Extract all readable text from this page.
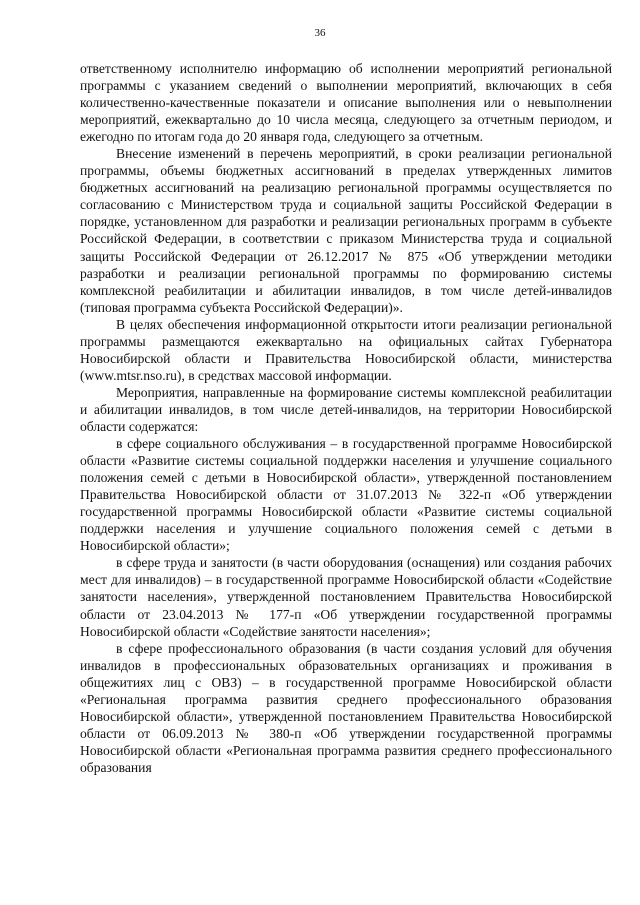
36

ответственному исполнителю информацию об исполнении мероприятий региональной программы с указанием сведений о выполнении мероприятий, включающих в себя количественно-качественные показатели и описание выполнения или о невыполнении мероприятий, ежеквартально до 10 числа месяца, следующего за отчетным периодом, и ежегодно по итогам года до 20 января года, следующего за отчетным.

Внесение изменений в перечень мероприятий, в сроки реализации региональной программы, объемы бюджетных ассигнований в пределах утвержденных лимитов бюджетных ассигнований на реализацию региональной программы осуществляется по согласованию с Министерством труда и социальной защиты Российской Федерации в порядке, установленном для разработки и реализации региональных программ в субъекте Российской Федерации, в соответствии с приказом Министерства труда и социальной защиты Российской Федерации от 26.12.2017 № 875 «Об утверждении методики разработки и реализации региональной программы по формированию системы комплексной реабилитации и абилитации инвалидов, в том числе детей-инвалидов (типовая программа субъекта Российской Федерации)».

В целях обеспечения информационной открытости итоги реализации региональной программы размещаются ежеквартально на официальных сайтах Губернатора Новосибирской области и Правительства Новосибирской области, министерства (www.mtsr.nso.ru), в средствах массовой информации.

Мероприятия, направленные на формирование системы комплексной реабилитации и абилитации инвалидов, в том числе детей-инвалидов, на территории Новосибирской области содержатся:

в сфере социального обслуживания – в государственной программе Новосибирской области «Развитие системы социальной поддержки населения и улучшение социального положения семей с детьми в Новосибирской области», утвержденной постановлением Правительства Новосибирской области от 31.07.2013 № 322-п «Об утверждении государственной программы Новосибирской области «Развитие системы социальной поддержки населения и улучшение социального положения семей с детьми в Новосибирской области»;

в сфере труда и занятости (в части оборудования (оснащения) или создания рабочих мест для инвалидов) – в государственной программе Новосибирской области «Содействие занятости населения», утвержденной постановлением Правительства Новосибирской области от 23.04.2013 № 177-п «Об утверждении государственной программы Новосибирской области «Содействие занятости населения»;

в сфере профессионального образования (в части создания условий для обучения инвалидов в профессиональных образовательных организациях и проживания в общежитиях лиц с ОВЗ) – в государственной программе Новосибирской области «Региональная программа развития среднего профессионального образования Новосибирской области», утвержденной постановлением Правительства Новосибирской области от 06.09.2013 № 380-п «Об утверждении государственной программы Новосибирской области «Региональная программа развития среднего профессионального образования
